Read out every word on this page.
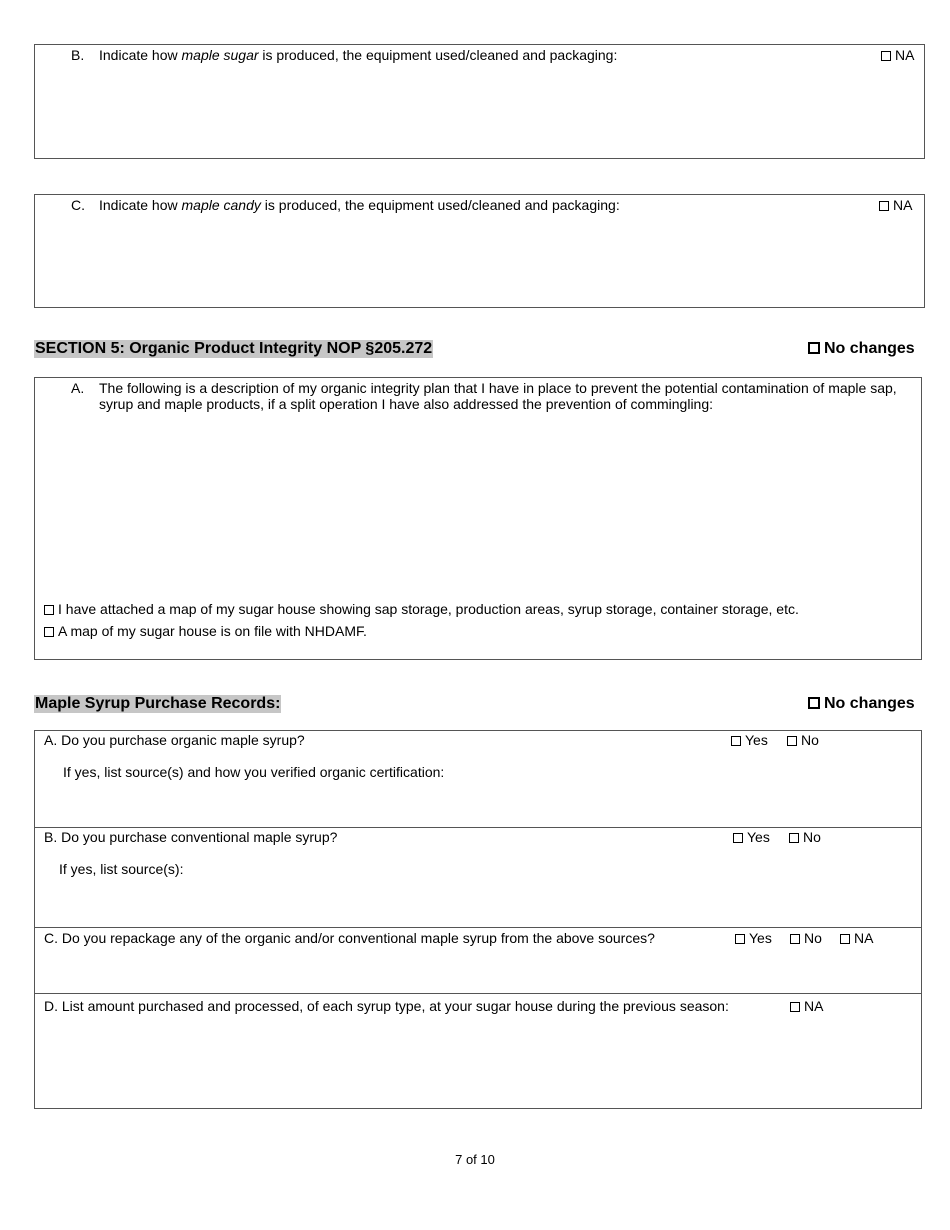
B. Indicate how maple sugar is produced, the equipment used/cleaned and packaging:	NA
C. Indicate how maple candy is produced, the equipment used/cleaned and packaging:	NA
SECTION 5: Organic Product Integrity NOP §205.272	No changes
A. The following is a description of my organic integrity plan that I have in place to prevent the potential contamination of maple sap, syrup and maple products, if a split operation I have also addressed the prevention of commingling:
I have attached a map of my sugar house showing sap storage, production areas, syrup storage, container storage, etc.
A map of my sugar house is on file with NHDAMF.
Maple Syrup Purchase Records:	No changes
A. Do you purchase organic maple syrup?	Yes	No
If yes, list source(s) and how you verified organic certification:
B. Do you purchase conventional maple syrup?	Yes	No
If yes, list source(s):
C. Do you repackage any of the organic and/or conventional maple syrup from the above sources?	Yes	No	NA
D. List amount purchased and processed, of each syrup type, at your sugar house during the previous season:	NA
7 of 10
